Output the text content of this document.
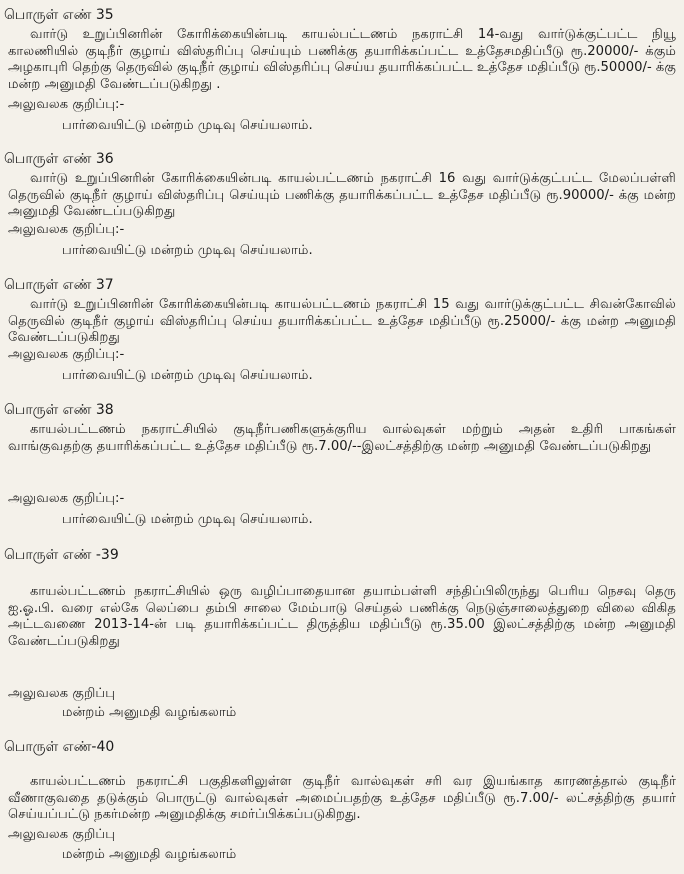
பொருள் எண் 35
வார்டு உறுப்பினரின் கோரிக்கையின்படி காயல்பட்டணம் நகராட்சி 14-வது வார்டுக்குட்பட்ட நியூ காலணியில் குடிநீர் குழாய் விஸ்தரிப்பு செய்யும் பணிக்கு தயாரிக்கப்பட்ட உத்தேசமதிப்பீடு ரூ.20000/- க்கும் அழகாபுரி தெற்கு தெருவில் குடிநீர் குழாய் விஸ்தரிப்பு செய்ய தயாரிக்கப்பட்ட உத்தேச மதிப்பீடு ரூ.50000/- க்கு மன்ற அனுமதி வேண்டப்படுகிறது .
அலுவலக குறிப்பு:-
பார்வையிட்டு மன்றம் முடிவு செய்யலாம்.
பொருள் எண் 36
வார்டு உறுப்பினரின் கோரிக்கையின்படி காயல்பட்டணம் நகராட்சி 16 வது வார்டுக்குட்பட்ட மேலப்பள்ளி தெருவில் குடிநீர் குழாய் விஸ்தரிப்பு செய்யும் பணிக்கு தயாரிக்கப்பட்ட உத்தேச மதிப்பீடு ரூ.90000/- க்கு மன்ற அனுமதி வேண்டப்படுகிறது
அலுவலக குறிப்பு:-
பார்வையிட்டு மன்றம் முடிவு செய்யலாம்.
பொருள் எண் 37
வார்டு உறுப்பினரின் கோரிக்கையின்படி காயல்பட்டணம் நகராட்சி 15 வது வார்டுக்குட்பட்ட சிவன்கோவில் தெருவில் குடிநீர் குழாய் விஸ்தரிப்பு செய்ய தயாரிக்கப்பட்ட உத்தேச மதிப்பீடு ரூ.25000/- க்கு மன்ற அனுமதி வேண்டப்படுகிறது
அலுவலக குறிப்பு:-
பார்வையிட்டு மன்றம் முடிவு செய்யலாம்.
பொருள் எண் 38
காயல்பட்டணம் நகராட்சியில் குடிநீர்பணிகளுக்குரிய வால்வுகள் மற்றும் அதன் உதிரி பாகங்கள் வாங்குவதற்கு தயாரிக்கப்பட்ட உத்தேச மதிப்பீடு ரூ.7.00/--இலட்சத்திற்கு மன்ற அனுமதி வேண்டப்படுகிறது
அலுவலக குறிப்பு:-
பார்வையிட்டு மன்றம் முடிவு செய்யலாம்.
பொருள் எண் -39
காயல்பட்டணம் நகராட்சியில் ஒரு வழிப்பாதையான தயாம்பள்ளி சந்திப்பிலிருந்து பெரிய நெசவு தெரு ஐ.ஓ.பி. வரை எல்கே லெப்பை தம்பி சாலை மேம்பாடு செய்தல் பணிக்கு நெடுஞ்சாலைத்துறை விலை விகித அட்டவணை 2013-14-ன் படி தயாரிக்கப்பட்ட திருத்திய மதிப்பீடு ரூ.35.00 இலட்சத்திற்கு மன்ற அனுமதி வேண்டப்படுகிறது
அலுவலக குறிப்பு
மன்றம் அனுமதி வழங்கலாம்
பொருள் எண்-40
காயல்பட்டணம் நகராட்சி பகுதிகளிலுள்ள குடிநீர் வால்வுகள் சரி வர இயங்காத காரணத்தால் குடிநீர் வீணாகுவதை தடுக்கும் பொருட்டு வால்வுகள் அமைப்பதற்கு உத்தேச மதிப்பீடு ரூ.7.00/- லட்சத்திற்கு தயார் செய்யப்பட்டு நகர்மன்ற அனுமதிக்கு சமர்ப்பிக்கப்படுகிறது.
அலுவலக குறிப்பு
மன்றம் அனுமதி வழங்கலாம்
